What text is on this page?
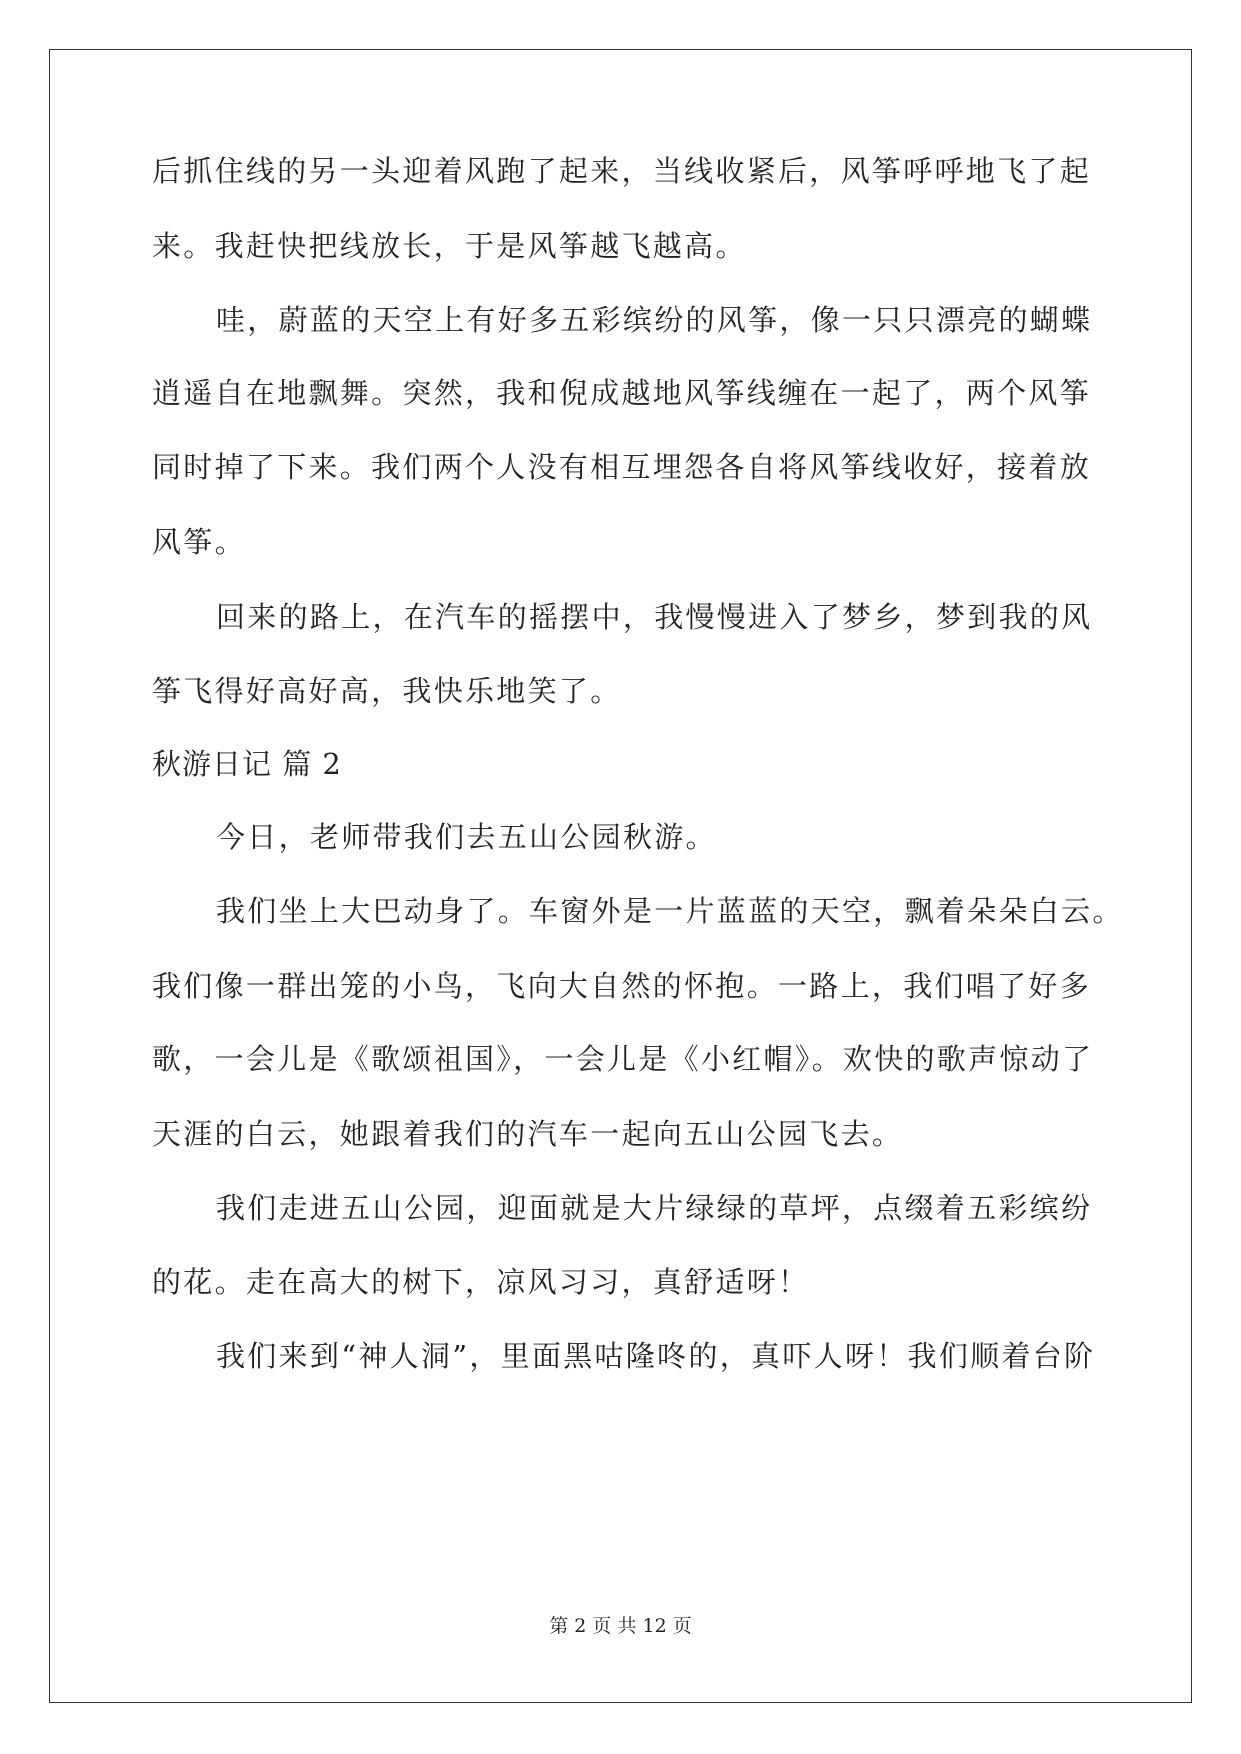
后抓住线的另一头迎着风跑了起来，当线收紧后，风筝呼呼地飞了起
来。我赶快把线放长，于是风筝越飞越高。
哇，蔚蓝的天空上有好多五彩缤纷的风筝，像一只只漂亮的蝴蝶
逍遥自在地飘舞。突然，我和倪成越地风筝线缠在一起了，两个风筝
同时掉了下来。我们两个人没有相互埋怨各自将风筝线收好，接着放
风筝。
回来的路上，在汽车的摇摆中，我慢慢进入了梦乡，梦到我的风
筝飞得好高好高，我快乐地笑了。
秋游日记 篇 2
今日，老师带我们去五山公园秋游。
我们坐上大巴动身了。车窗外是一片蓝蓝的天空，飘着朵朵白云。
我们像一群出笼的小鸟，飞向大自然的怀抱。一路上，我们唱了好多
歌，一会儿是《歌颂祖国》，一会儿是《小红帽》。欢快的歌声惊动了
天涯的白云，她跟着我们的汽车一起向五山公园飞去。
我们走进五山公园，迎面就是大片绿绿的草坪，点缀着五彩缤纷
的花。走在高大的树下，凉风习习，真舒适呀！
我们来到“神人洞”，里面黑咕隆咚的，真吓人呀！我们顺着台阶
第 2 页 共 12 页
